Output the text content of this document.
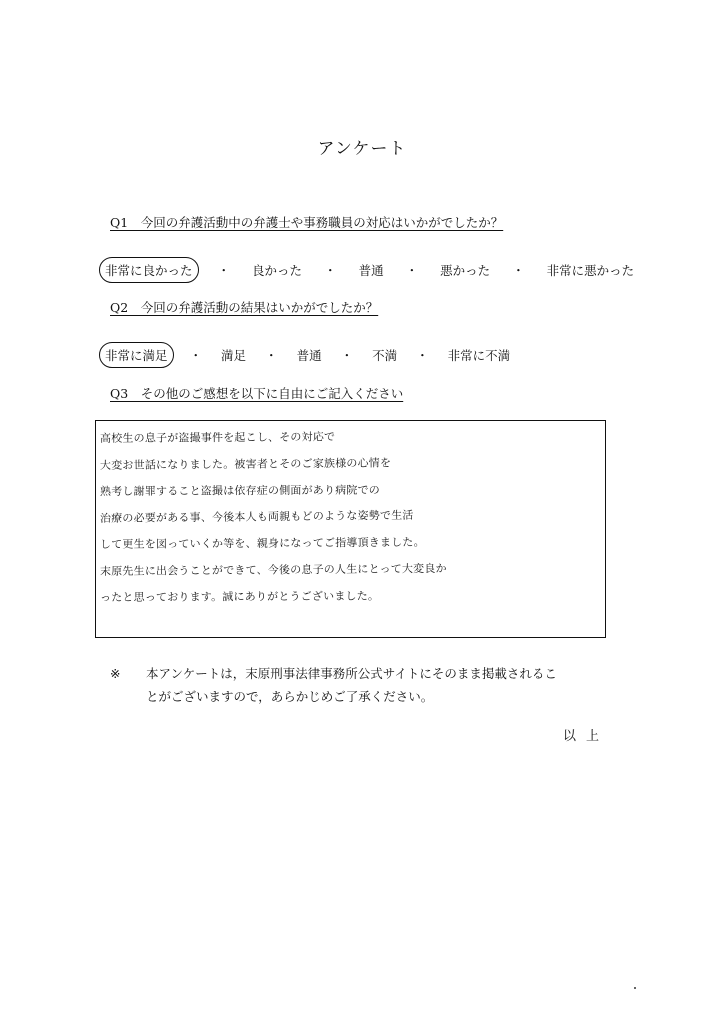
アンケート
Q1　今回の弁護活動中の弁護士や事務職員の対応はいかがでしたか？
非常に良かった	・ 良かった ・ 普通 ・ 悪かった ・ 非常に悪かった
Q2　今回の弁護活動の結果はいかがでしたか？
非常に満足	・ 満足 ・ 普通 ・ 不満 ・ 非常に不満
Q3　その他のご感想を以下に自由にご記入ください
高校生の息子が盗撮事件を起こし、その対応で
大変お世話になりました。被害者とそのご家族様の心情を
熟考し謝罪すること盗撮は依存症の側面があり病院での
治療の必要がある事、今後本人も両親もどのような姿勢で生活
して更生を図っていくか等を、親身になってご指導頂きました。
末原先生に出会うことができて、今後の息子の人生にとって大変良か
ったと思っております。誠にありがとうございました。
※ 本アンケートは，末原刑事法律事務所公式サイトにそのまま掲載されるこ
とがございますので，あらかじめご了承ください。
以上
